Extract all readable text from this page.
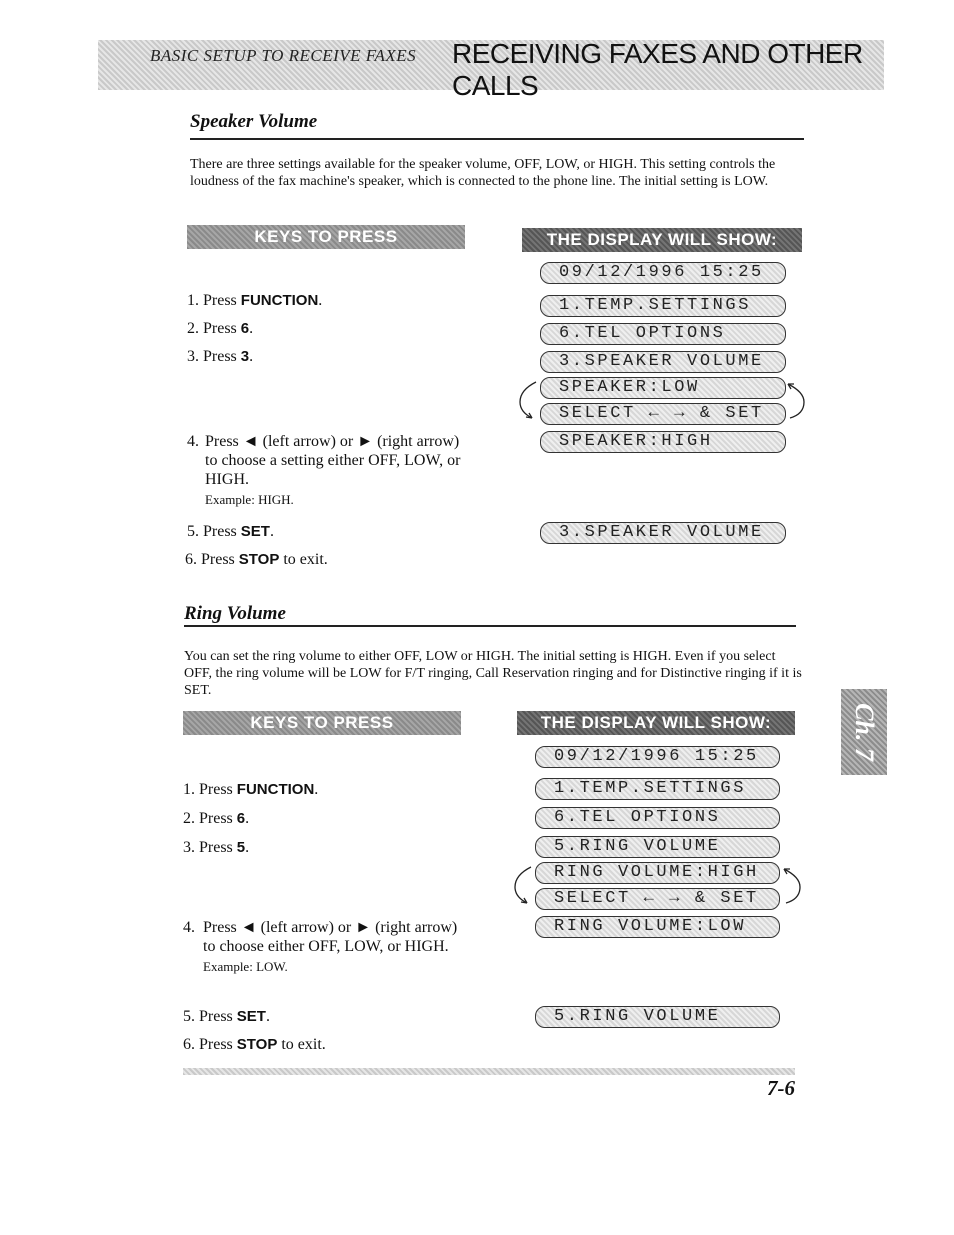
BASIC SETUP TO RECEIVE FAXES RECEIVING FAXES AND OTHER CALLS
Speaker Volume
There are three settings available for the speaker volume, OFF, LOW, or HIGH. This setting controls the loudness of the fax machine's speaker, which is connected to the phone line. The initial setting is LOW.
KEYS TO PRESS	THE DISPLAY WILL SHOW:
1. Press FUNCTION.
2. Press 6.
3. Press 3.
4. Press ◄ (left arrow) or ► (right arrow) to choose a setting either OFF, LOW, or HIGH.
Example: HIGH.
5. Press SET.
6. Press STOP to exit.
09/12/1996 15:25
1.TEMP.SETTINGS
6.TEL OPTIONS
3.SPEAKER VOLUME
SPEAKER:LOW
SELECT ← → & SET
SPEAKER:HIGH
3.SPEAKER VOLUME
Ring Volume
You can set the ring volume to either OFF, LOW or HIGH. The initial setting is HIGH. Even if you select OFF, the ring volume will be LOW for F/T ringing, Call Reservation ringing and for Distinctive ringing if it is SET.
KEYS TO PRESS	THE DISPLAY WILL SHOW:
1. Press FUNCTION.
2. Press 6.
3. Press 5.
4. Press ◄ (left arrow) or ► (right arrow) to choose either OFF, LOW, or HIGH.
Example: LOW.
5. Press SET.
6. Press STOP to exit.
09/12/1996 15:25
1.TEMP.SETTINGS
6.TEL OPTIONS
5.RING VOLUME
RING VOLUME:HIGH
SELECT ← → & SET
RING VOLUME:LOW
5.RING VOLUME
Ch. 7
7-6
